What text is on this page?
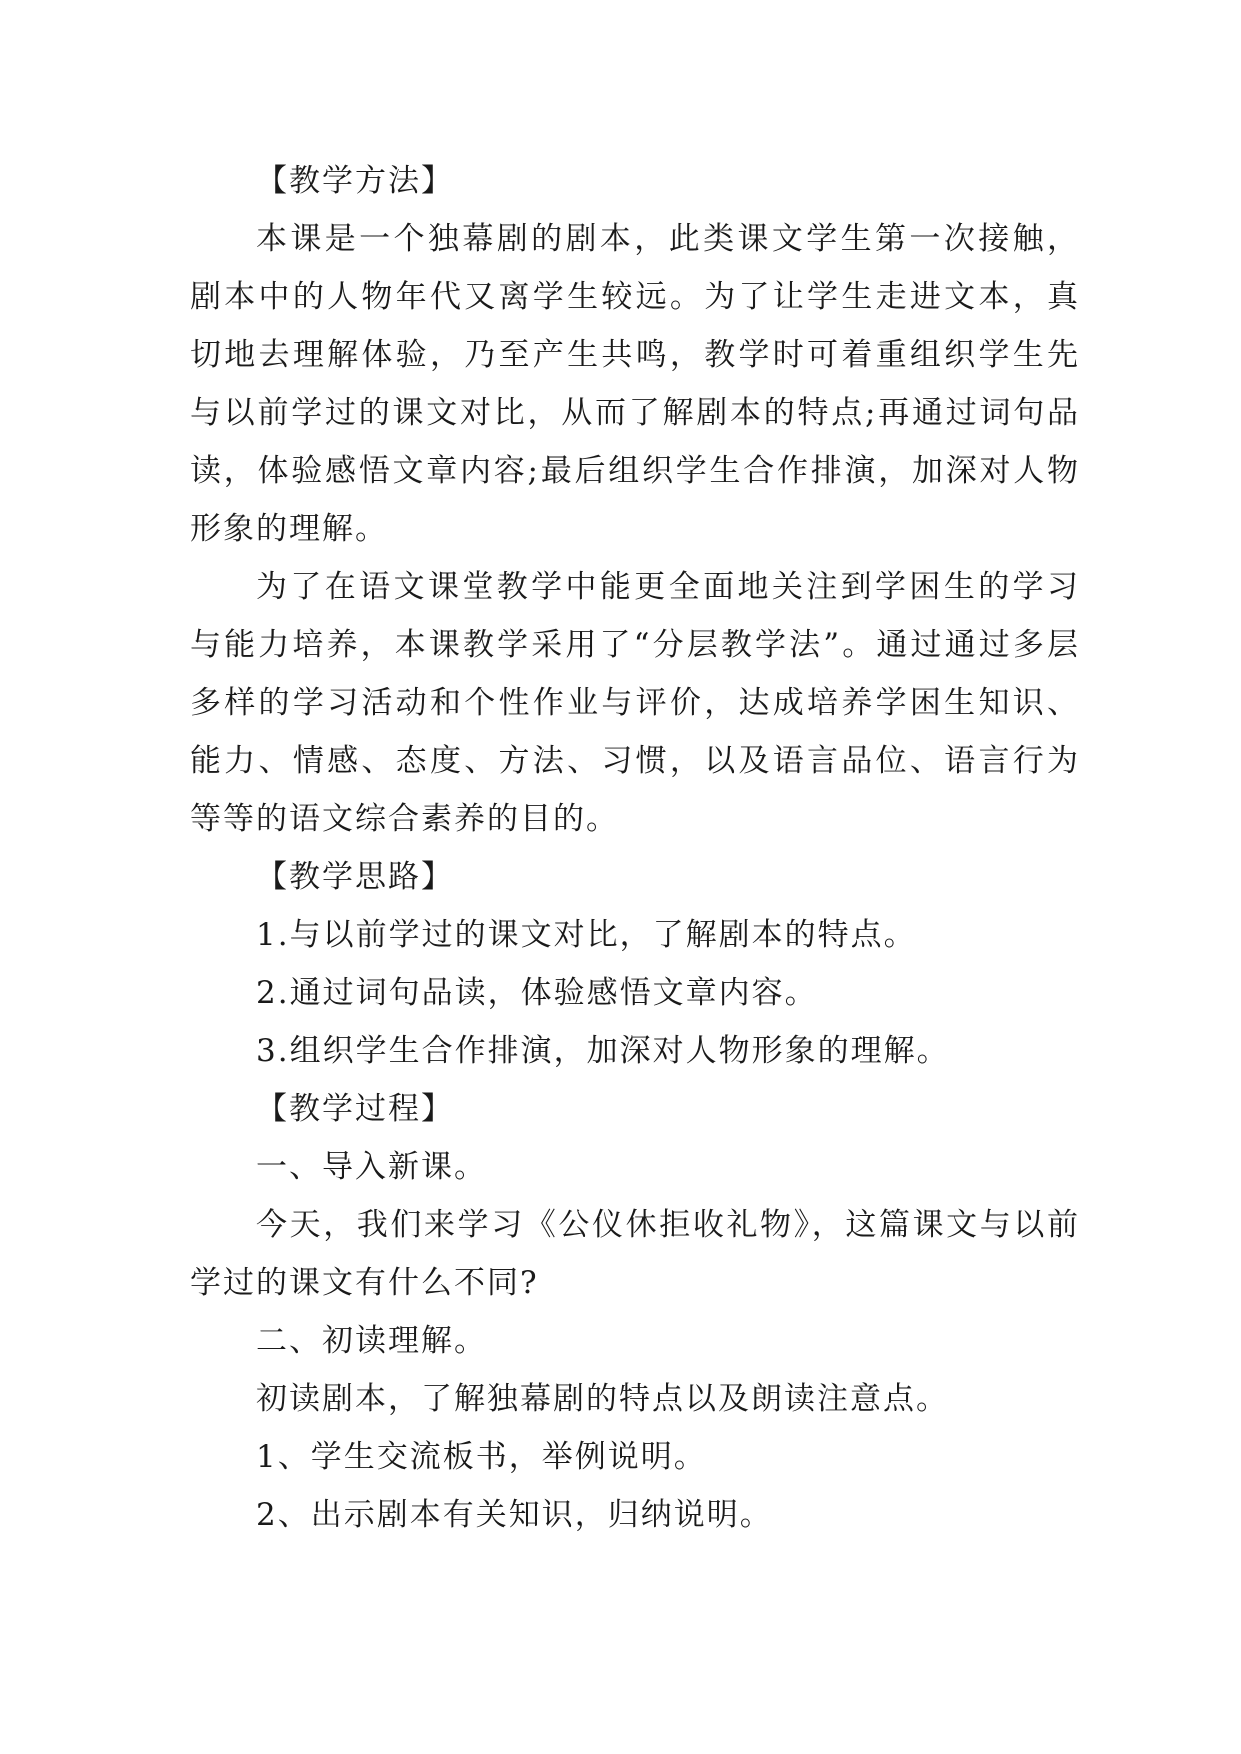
【教学方法】

本课是一个独幕剧的剧本，此类课文学生第一次接触，剧本中的人物年代又离学生较远。为了让学生走进文本，真切地去理解体验，乃至产生共鸣，教学时可着重组织学生先与以前学过的课文对比，从而了解剧本的特点;再通过词句品读，体验感悟文章内容;最后组织学生合作排演，加深对人物形象的理解。

为了在语文课堂教学中能更全面地关注到学困生的学习与能力培养，本课教学采用了“分层教学法”。通过通过多层多样的学习活动和个性作业与评价，达成培养学困生知识、能力、情感、态度、方法、习惯，以及语言品位、语言行为等等的语文综合素养的目的。

【教学思路】

1.与以前学过的课文对比，了解剧本的特点。

2.通过词句品读，体验感悟文章内容。

3.组织学生合作排演，加深对人物形象的理解。

【教学过程】

一、导入新课。

今天，我们来学习《公仪休拒收礼物》，这篇课文与以前学过的课文有什么不同?

二、初读理解。

初读剧本，了解独幕剧的特点以及朗读注意点。

1、学生交流板书，举例说明。

2、出示剧本有关知识，归纳说明。
